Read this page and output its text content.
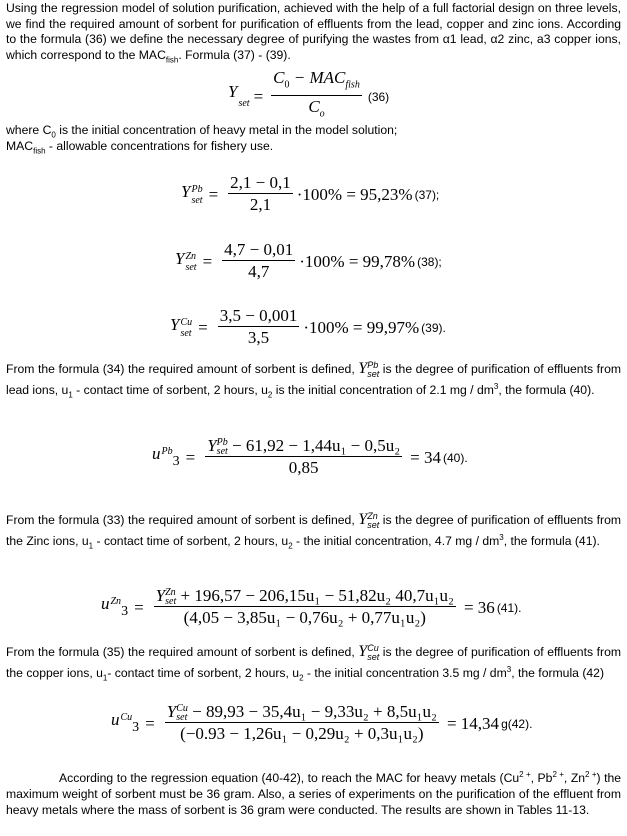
Using the regression model of solution purification, achieved with the help of a full factorial design on three levels, we find the required amount of sorbent for purification of effluents from the lead, copper and zinc ions. According to the formula (36) we define the necessary degree of purifying the wastes from α1 lead, α2 zinc, a3 copper ions, which correspond to the $MAC_{fish}$. Formula (37) - (39).
Y
set = $\frac{C_0 - MAC_{fish}}{C_o} (36)$
where $C_0$ is the initial concentration of heavy metal in the model solution;
$MAC_{fish}$ - allowable concentrations for fishery use.
Y Pb
set = $\frac{2,1 - 0,1}{2,1} \cdot 100\% = 95,23\%$ (37);
Y Zn
set = $\frac{4,7 - 0,01}{4,7} \cdot 100\% = 99,78\%$ (38);
Y Cu
set = $\frac{3,5 - 0,001}{3,5} \cdot 100\% = 99,97\%$ (39).
From the formula (34) the required amount of sorbent is defined, Y Pb
set is the degree of purification of effluents from lead ions, $u_1$ - contact time of sorbent, 2 hours, $u_2$ is the initial concentration of 2.1 mg / $dm^3$, the formula (40).
u Pb
3 = Y Pb
set − 61,92 − 1,44u₁ − 0,5u₂
0,85 = 34 (40).
From the formula (33) the required amount of sorbent is defined, Y Zn
set is the degree of purification of effluents from the Zinc ions, $u_1$ - contact time of sorbent, 2 hours, $u_2$ - the initial concentration, 4.7 mg / $dm^3$, the formula (41).
u Zn
3 = Y Zn
set + 196,57 − 206,15u₁ − 51,82u₂ 40,7u₁u₂
(4,05 − 3,85u₁ − 0,76u₂ + 0,77u₁u₂) = 36 (41).
From the formula (35) the required amount of sorbent is defined, Y Cu
set is the degree of purification of effluents from the copper ions, $u_1-$ contact time of sorbent, 2 hours, $u_2$ - the initial concentration 3.5 mg / $dm^3$, the formula (42)
u Cu
3 = Y Cu
set − 89,93 − 35,4u₁ − 9,33u₂ + 8,5u₁u₂
(−0.93 − 1,26u₁ − 0,29u₂ + 0,3u₁u₂) = 14,34 g(42).
According to the regression equation (40-42), to reach the MAC for heavy metals ($Cu^{2 +}$, $Pb^{2 +}$, $Zn^{2 +}$) the maximum weight of sorbent must be 36 gram. Also, a series of experiments on the purification of the effluent from heavy metals where the mass of sorbent is 36 gram were conducted. The results are shown in Tables 11-13.
